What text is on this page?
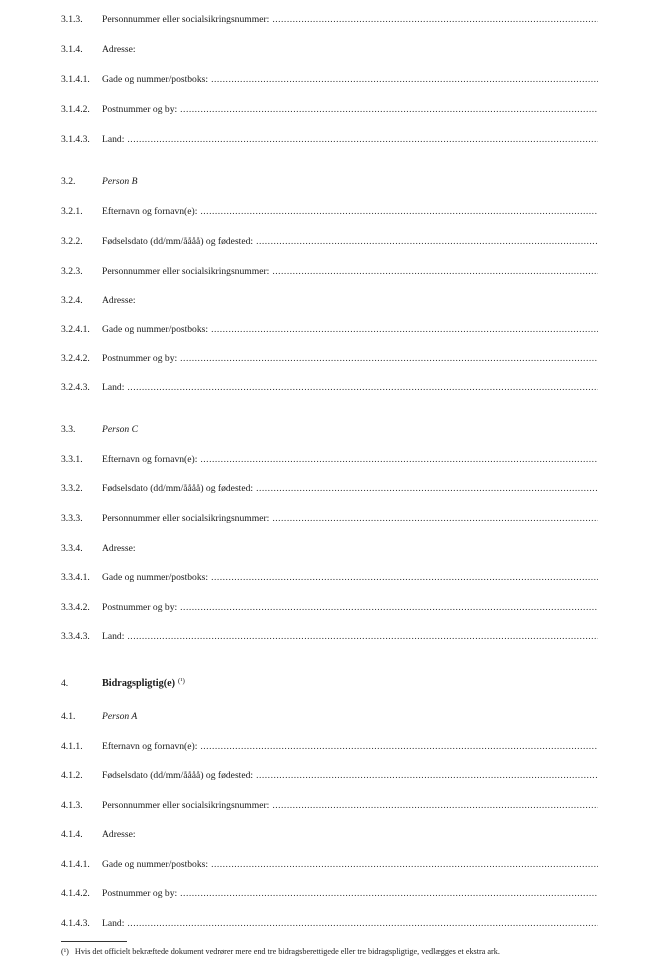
3.1.3.	Personnummer eller socialsikringsnummer:
.....
3.1.4.	Adresse:
3.1.4.1.	Gade og nummer/postboks:
.....
3.1.4.2.	Postnummer og by:
.....
3.1.4.3.	Land:
.....
3.2.	Person B
3.2.1.	Efternavn og fornavn(e):
.....
3.2.2.	Fødselsdato (dd/mm/åååå) og fødested:
.....
3.2.3.	Personnummer eller socialsikringsnummer:
.....
3.2.4.	Adresse:
3.2.4.1.	Gade og nummer/postboks:
.....
3.2.4.2.	Postnummer og by:
.....
3.2.4.3.	Land:
.....
3.3.	Person C
3.3.1.	Efternavn og fornavn(e):
.....
3.3.2.	Fødselsdato (dd/mm/åååå) og fødested:
.....
3.3.3.	Personnummer eller socialsikringsnummer:
.....
3.3.4.	Adresse:
3.3.4.1.	Gade og nummer/postboks:
.....
3.3.4.2.	Postnummer og by:
.....
3.3.4.3.	Land:
.....
4.	Bidragspligtig(e) (¹)
4.1.	Person A
4.1.1.	Efternavn og fornavn(e):
.....
4.1.2.	Fødselsdato (dd/mm/åååå) og fødested:
.....
4.1.3.	Personnummer eller socialsikringsnummer:
.....
4.1.4.	Adresse:
4.1.4.1.	Gade og nummer/postboks:
.....
4.1.4.2.	Postnummer og by:
.....
4.1.4.3.	Land:
.....
(¹) Hvis det officielt bekræftede dokument vedrører mere end tre bidragsberettigede eller tre bidragspligtige, vedlægges et ekstra ark.
